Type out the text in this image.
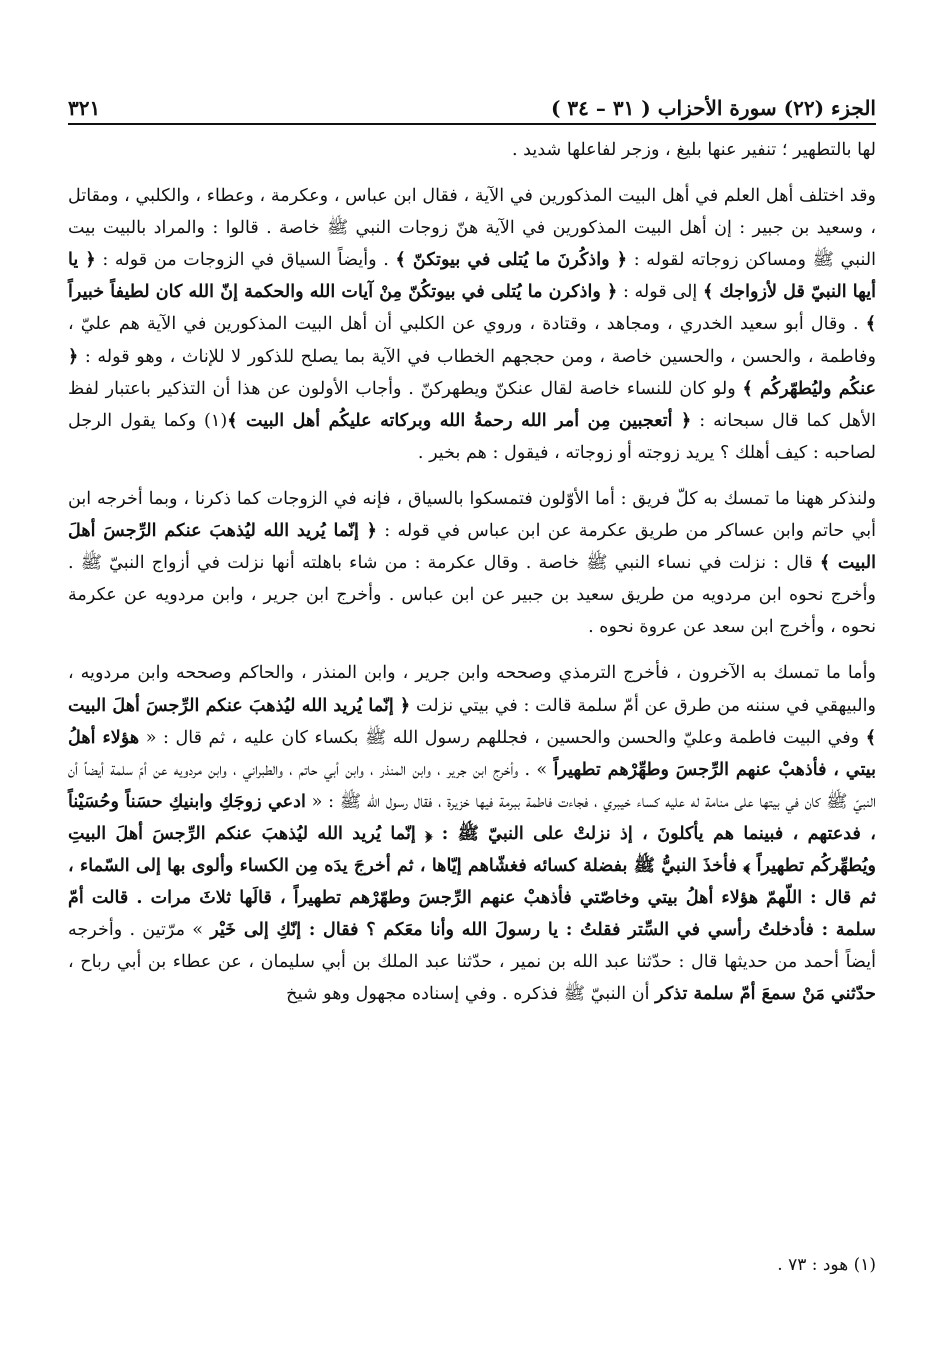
الجزء (٢٢) سورة الأحزاب ( ٣١ – ٣٤ )
٣٢١

لها بالتطهير ؛ تنفير عنها بليغ ، وزجر لفاعلها شديد .

وقد اختلف أهل العلم في أهل البيت المذكورين في الآية ، فقال ابن عباس ، وعكرمة ، وعطاء ، والكلبي ، ومقاتل ، وسعيد بن جبير : إن أهل البيت المذكورين في الآية هنّ زوجات النبي ﷺ خاصة . قالوا : والمراد بالبيت بيت النبي ﷺ ومساكن زوجاته لقوله : ﴿ واذكُرنَ ما يُتلى في بيوتكنّ ﴾ . وأيضاً السياق في الزوجات من قوله : ﴿ يا أيها النبيّ قل لأزواجك ﴾ إلى قوله : ﴿ واذكرن ما يُتلى في بيوتكُنّ مِنْ آيات الله والحكمة إنّ الله كان لطيفاً خبيراً ﴾ . وقال أبو سعيد الخدري ، ومجاهد ، وقتادة ، وروي عن الكلبي أن أهل البيت المذكورين في الآية هم عليّ ، وفاطمة ، والحسن ، والحسين خاصة ، ومن حججهم الخطاب في الآية بما يصلح للذكور لا للإناث ، وهو قوله : ﴿ عنكُم وليُطهّركُم ﴾ ولو كان للنساء خاصة لقال عنكنّ ويطهركنّ . وأجاب الأولون عن هذا أن التذكير باعتبار لفظ الأهل كما قال سبحانه : ﴿ أتعجبين مِن أمر الله رحمةُ الله وبركاته عليكُم أهل البيت ﴾(١) وكما يقول الرجل لصاحبه : كيف أهلك ؟ يريد زوجته أو زوجاته ، فيقول : هم بخير .

ولنذكر ههنا ما تمسك به كلّ فريق : أما الأوّلون فتمسكوا بالسياق ، فإنه في الزوجات كما ذكرنا ، وبما أخرجه ابن أبي حاتم وابن عساكر من طريق عكرمة عن ابن عباس في قوله : ﴿ إنّما يُريد الله ليُذهبَ عنكم الرِّجسَ أهلَ البيت ﴾ قال : نزلت في نساء النبي ﷺ خاصة . وقال عكرمة : من شاء باهلته أنها نزلت في أزواج النبيّ ﷺ . وأخرج نحوه ابن مردويه من طريق سعيد بن جبير عن ابن عباس . وأخرج ابن جرير ، وابن مردويه عن عكرمة نحوه ، وأخرج ابن سعد عن عروة نحوه .

وأما ما تمسك به الآخرون ، فأخرج الترمذي وصححه وابن جرير ، وابن المنذر ، والحاكم وصححه وابن مردويه ، والبيهقي في سننه من طرق عن أمّ سلمة قالت : في بيتي نزلت ﴿ إنّما يُريد الله ليُذهبَ عنكم الرِّجسَ أهلَ البيت ﴾ وفي البيت فاطمة وعليّ والحسن والحسين ، فجللهم رسول الله ﷺ بكساء كان عليه ، ثم قال : « هؤلاء أهلُ بيتي ، فأذهبْ عنهم الرِّجسَ وطهِّرْهم تطهيراً » . وأخرج ابن جرير ، وابن المنذر ، وابن أبي حاتم ، والطبراني ، وابن مردويه عن أمّ سلمة أيضاً أن النبيّ ﷺ كان في بيتها على منامة له عليه كساء خيبري ، فجاءت فاطمة ببرمة فيها خزيرة ، فقال رسول الله ﷺ : « ادعي زوجَكِ وابنيكِ حسَناً وحُسَيْناً ، فدعتهم ، فبينما هم يأكلونَ ، إذ نزلتْ على النبيّ ﷺ : ﴿ إنّما يُريد الله ليُذهبَ عنكم الرِّجسَ أهلَ البيتِ ويُطهِّركُم تطهيراً ﴾ فأخذَ النبيُّ ﷺ بفضلة كسائه فغشّاهم إيّاها ، ثم أخرجَ يدَه مِن الكساء وألوى بها إلى السّماء ، ثم قال : اللّهمّ هؤلاء أهلُ بيتي وخاصّتي فأذهبْ عنهم الرِّجسَ وطهّرْهم تطهيراً ، قالَها ثلاثَ مرات . قالت أمّ سلمة : فأدخلتُ رأسي في السِّتر فقلتُ : يا رسولَ الله وأنا معَكم ؟ فقال : إنّكِ إلى خَيْر » مرّتين . وأخرجه أيضاً أحمد من حديثها قال : حدّثنا عبد الله بن نمير ، حدّثنا عبد الملك بن أبي سليمان ، عن عطاء بن أبي رباح ، حدّثني مَنْ سمعَ أمّ سلمة تذكر أن النبيّ ﷺ فذكره . وفي إسناده مجهول وهو شيخ

(١) هود : ٧٣ .
